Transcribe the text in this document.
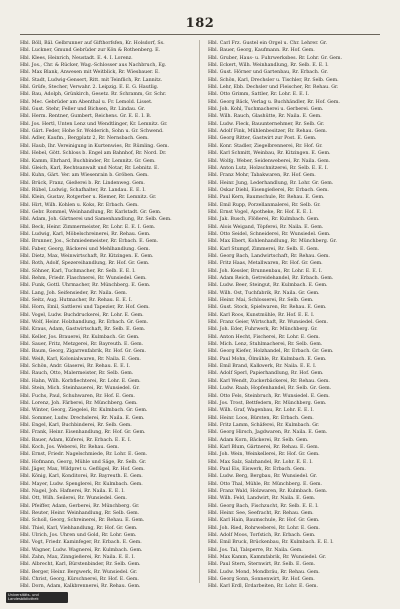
182
Hbl. Böll, Bäl. Gelbrunner auf Gifthorfsfen, Kr. Holsdorf, Ss.
Hbl. Luckner, Gmund Gebrüder zur Kön & Rothenberg. E.
Hbl. Klees, Heinrich, Neustadt. E. 4. I. Lorenz.
Hbl. Jos., Chr. & Rücker, Wag.-Schlosser aus Nachbruch, Eg.
Hbl. Max Blank, Anwesen mit Weitblick, Rr. Wiesbauer. E.
Hbl. Stadt, Ludwig-Gensert, Ritt. mit Teinflich, Rr. Lannitz.
Hbl. Grüfe, Stecher, Verwahr. 2. Leipzig. E. E. G. Hautlig.
Hbl. Bau, Adolph, Grünkirch, Gesetz. Rr. Schramm, Gr. Schr.
Hbl. Mec. Gebrüder am Abenthal u. Fr. Lemold. Lisset.
Hbl. Gust. Stehr, Feller und Bichsen, Rr. Lindau. Gr.
Hbl. Herm. Rentner, Gumbert, Reichens. Gr. E. E. I. B.
Hbl. Jos. Hertl, Unten Lenz und Wendtlinger, Kr. Lemnitz. Gr.
Hbl. Gärt. Feder, Hohe Sr. Wolderich, Sohn u. Gr. Schwend.
Hbl. Adler, Kaufm., Bergplatz 2, Rr. Nernsbach. Gem.
Hbl. Haub, Ihr. Vereinigung in Kurtenwies, Rr. Rümling. Gem.
Hbl. Hebel, Gött. Schloss b. Engel am Bahnhof, Rr. Nord. Dr.
Hbl. Kamm, Ehrhard, Buchbinder, Rr. Lemnitz. Gr. Gem.
Hbl. Gleich, Karl, Rechtsanwalt und Notar, Rr. Lebnitz. E.
Hbl. Kuhn, Gärt. Ver. am Wiesenrain b. Gröben. Gem.
Hbl. Brück, Franz, Gießerei b. Rr. Lindenweg. Gem.
Hbl. Rübel, Ludwig, Schafhalter, Rr. Landau. E. E. I.
Hbl. Klein, Gustav, Rotgerber u. Riemer, Rr. Lemnitz. Gr.
Hbl. Hirt, Wilh. Kohlen u. Koks, Rr. Erbach. Gem.
Hbl. Gebr. Rommel, Weinhandlung, Rr. Karlstadt. Gr. Gem.
Hbl. Adam, Joh. Gärtnerei und Samenhandlung, Rr. Selb. Gem.
Hbl. Beck, Heinr. Zimmermeister, Rr. Lohr. E. E. I. Gem.
Hbl. Ludwig, Karl, Möbelschreinerei, Rr. Rehau. Gem.
Hbl. Brunner, Jos., Schmiedemeister, Rr. Erbach. E. Gem.
Hbl. Faber, Georg, Bäckerei und Mehlhandlung. Gem.
Hbl. Dietz, Max, Weinwirtschaft, Rr. Kitzingen. E. Gem.
Hbl. Roth, Adolf, Spezereihandlung, Rr. Hof. Gr. Gem.
Hbl. Söhner, Karl, Tuchmacher, Rr. Selb. E. E. I.
Hbl. Rehm, Friedr. Flaschnerei, Rr. Wunsiedel. Gem.
Hbl. Funk, Gottl. Uhrmacher, Rr. Münchberg. E. Gem.
Hbl. Lang, Joh. Seifensieder, Rr. Naila. Gem.
Hbl. Seitz, Aug. Hutmacher, Rr. Rehau. E. E. I.
Hbl. Horn, Emil, Sattlerei und Tapezier, Rr. Hof. Gem.
Hbl. Vogel, Ludw. Buchdruckerei, Rr. Lohr. E. Gem.
Hbl. Wolf, Heinr. Holzhandlung, Rr. Erbach. Gr. Gem.
Hbl. Kraus, Adam, Gastwirtschaft, Rr. Selb. E. Gem.
Hbl. Keller, Jos. Brauerei, Rr. Kulmbach. Gr. Gem.
Hbl. Sauer, Fritz, Metzgerei, Rr. Bayreuth. E. Gem.
Hbl. Baum, Georg, Zigarrenfabrik, Rr. Hof. Gr. Gem.
Hbl. Weiß, Karl, Kolonialwaren, Rr. Naila. E. Gem.
Hbl. Schön, Andr. Glaserei, Rr. Rehau. E. E. I.
Hbl. Rauch, Otto, Malermeister, Rr. Selb. Gem.
Hbl. Hahn, Wilh. Korbflechterei, Rr. Lohr. E. Gem.
Hbl. Stein, Mich. Steinhauerei, Rr. Wunsiedel. Gr.
Hbl. Fuchs, Paul, Schuhwaren, Rr. Hof. E. Gem.
Hbl. Lorenz, Joh. Färberei, Rr. Münchberg. Gem.
Hbl. Winter, Georg, Ziegelei, Rr. Kulmbach. Gr. Gem.
Hbl. Sommer, Ludw. Drechslerei, Rr. Naila. E. Gem.
Hbl. Engel, Karl, Buchbinderei, Rr. Selb. Gem.
Hbl. Frank, Heinr. Eisenhandlung, Rr. Hof. Gr. Gem.
Hbl. Bauer, Adam, Küferei, Rr. Erbach. E. E. I.
Hbl. Koch, Jos. Weberei, Rr. Rehau. Gem.
Hbl. Ernst, Friedr. Nagelschmiede, Rr. Lohr. E. Gem.
Hbl. Hofmann, Georg, Mühle und Säge, Rr. Selb. Gr.
Hbl. Jäger, Max, Wildpret u. Geflügel, Rr. Hof. Gem.
Hbl. König, Karl, Konditorei, Rr. Bayreuth. E. Gem.
Hbl. Mayer, Ludw. Spenglerei, Rr. Kulmbach. Gem.
Hbl. Nagel, Joh. Hafnerei, Rr. Naila. E. E. I.
Hbl. Ott, Wilh. Seilerei, Rr. Wunsiedel. Gem.
Hbl. Pfeiffer, Adam, Gerberei, Rr. Münchberg. Gr.
Hbl. Reuter, Heinr. Weinhandlung, Rr. Selb. Gem.
Hbl. Scholl, Georg, Schreinerei, Rr. Rehau. E. Gem.
Hbl. Thiel, Karl, Viehhandlung, Rr. Hof. Gr. Gem.
Hbl. Ulrich, Jos. Uhren und Gold, Rr. Lohr. Gem.
Hbl. Vogt, Friedr. Kaminfeger, Rr. Erbach. E. Gem.
Hbl. Wagner, Ludw. Wagnerei, Rr. Kulmbach. Gem.
Hbl. Zahn, Max, Zinngießerei, Rr. Naila. E. E. I.
Hbl. Albrecht, Karl, Bürstenbinder, Rr. Selb. Gem.
Hbl. Berger, Heinr. Bergwerk, Rr. Wunsiedel. Gr.
Hbl. Christ, Georg, Kürschnerei, Rr. Hof. E. Gem.
Hbl. Dorn, Adam, Kalkbrennerei, Rr. Rehau. Gem.
Hbl. Carl Frz. Gustel ein Orgel u. Chr. Lehrer. Gr.
Hbl. Bauer, Georg, Kaufmann. Rr. Hof. Gem.
Hbl. Gruber, Haus- u. Fuhrwerksbes. Rr. Lohr. Gr. Gem.
Hbl. Eckert, Wilh. Weinhandlung, Rr. Selb. E. E. I.
Hbl. Gust. Hörner und Gartenbau, Rr. Erbach. Gr.
Hbl. Schön, Karl, Drechsler u. Tischler, Rr. Selb. Gem.
Hbl. Lehr, Ebb. Dechsler und Fleischer, Rr. Rehau. Gr.
Hbl. Otto Grimm, Sattler, Rr. Lohr. E. E. I.
Hbl. Georg Bäck, Verlag u. Buchhändler, Rr. Hof. Gem.
Hbl. Joh. Kohl, Tuchmacherei u. Gerberei. Gem.
Hbl. Wilh. Rauch, Glashütte, Rr. Naila. E. Gem.
Hbl. Ludw. Fleck, Bauunternehmer, Rr. Selb. Gr.
Hbl. Adolf Fink, Mühlenbesitzer, Rr. Rehau. Gem.
Hbl. Georg Ritter, Gastwirt zur Post. E. Gem.
Hbl. Konr. Stadler, Ziegelbrennerei, Rr. Hof. Gr.
Hbl. Karl Schmitt, Weinbau, Rr. Kitzingen. E. Gem.
Hbl. Wolfg. Weber, Seidenweberei, Rr. Naila. Gem.
Hbl. Anton Lutz, Holzschnitzerei, Rr. Selb. E. E. I.
Hbl. Franz Mohr, Tabakwaren, Rr. Hof. Gem.
Hbl. Heinr. Jung, Lederhandlung, Rr. Lohr. Gr. Gem.
Hbl. Oskar Diehl, Eisengießerei, Rr. Erbach. Gem.
Hbl. Paul Kern, Baumschule, Rr. Rehau. E. Gem.
Hbl. Emil Rupp, Porzellanmalerei, Rr. Selb. Gr.
Hbl. Ernst Vogel, Apotheke, Rr. Hof. E. E. I.
Hbl. Jak. Busch, Flößerei, Rr. Kulmbach. Gem.
Hbl. Alois Weigand, Töpferei, Rr. Naila. E. Gem.
Hbl. Otto Seidel, Schneiderei, Rr. Wunsiedel. Gem.
Hbl. Max Ebert, Kohlenhandlung, Rr. Münchberg. Gr.
Hbl. Karl Stumpf, Zimmerei, Rr. Selb. E. Gem.
Hbl. Georg Bach, Landwirtschaft, Rr. Rehau. Gem.
Hbl. Fritz Haas, Metallwaren, Rr. Hof. Gr. Gem.
Hbl. Joh. Kessler, Brunnenbau, Rr. Lohr. E. E. I.
Hbl. Adam Reich, Getreidehandel, Rr. Erbach. Gem.
Hbl. Ludw. Beer, Steingut, Rr. Kulmbach. E. Gem.
Hbl. Wilh. Ost, Tuchfabrik, Rr. Naila. Gr. Gem.
Hbl. Heinr. Mai, Schlosserei, Rr. Selb. Gem.
Hbl. Gust. Stock, Spielwaren, Rr. Rehau. E. Gem.
Hbl. Karl Roos, Kunstmühle, Rr. Hof. E. E. I.
Hbl. Franz Geier, Wirtschaft, Rr. Wunsiedel. Gem.
Hbl. Joh. Eder, Fuhrwerk, Rr. Münchberg. Gr.
Hbl. Anton Hecht, Fischerei, Rr. Lohr. E. Gem.
Hbl. Mich. Lenz, Stuhlmacherei, Rr. Selb. Gem.
Hbl. Georg Kiefer, Holzhandel, Rr. Erbach. Gr. Gem.
Hbl. Paul Mohn, Ölmühle, Rr. Kulmbach. E. Gem.
Hbl. Emil Brand, Kalkwerk, Rr. Naila. E. E. I.
Hbl. Adolf Sperl, Papierhandlung, Rr. Hof. Gem.
Hbl. Karl Wendt, Zuckerbäckerei, Rr. Rehau. Gem.
Hbl. Ludw. Raab, Hopfenhandel, Rr. Selb. Gr. Gem.
Hbl. Otto Fels, Steinbruch, Rr. Wunsiedel. E. Gem.
Hbl. Jos. Trost, Bettfedern, Rr. Münchberg. Gem.
Hbl. Wilh. Graf, Wagenbau, Rr. Lohr. E. E. I.
Hbl. Heinr. Loos, Bürsten, Rr. Erbach. Gem.
Hbl. Fritz Lamm, Schäferei, Rr. Kulmbach. Gr.
Hbl. Georg Hirsch, Jagdwaren, Rr. Naila. E. Gem.
Hbl. Adam Korn, Bäckerei, Rr. Selb. Gem.
Hbl. Karl Blum, Gärtnerei, Rr. Rehau. E. Gem.
Hbl. Joh. Wein, Weinkellerei, Rr. Hof. Gr. Gem.
Hbl. Max Salz, Salzhandel, Rr. Lohr. E. E. I.
Hbl. Paul Eis, Eiswerk, Rr. Erbach. Gem.
Hbl. Ludw. Berg, Bergbau, Rr. Wunsiedel. Gr.
Hbl. Otto Thal, Mühle, Rr. Münchberg. E. Gem.
Hbl. Franz Wald, Holzwaren, Rr. Kulmbach. Gem.
Hbl. Wilh. Feld, Landwirt, Rr. Naila. E. Gem.
Hbl. Georg Bach, Fischzucht, Rr. Selb. E. E. I.
Hbl. Heinr. See, Seefracht, Rr. Rehau. Gem.
Hbl. Karl Hain, Baumschule, Rr. Hof. Gr. Gem.
Hbl. Joh. Ried, Rohrweberei, Rr. Lohr. E. Gem.
Hbl. Adolf Moos, Torfstich, Rr. Erbach. Gem.
Hbl. Emil Bruck, Brückenbau, Rr. Kulmbach. E. E. I.
Hbl. Jos. Tal, Talsperre, Rr. Naila. Gem.
Hbl. Max Kamm, Kammfabrik, Rr. Wunsiedel. Gr.
Hbl. Paul Stern, Sternwirt, Rr. Selb. E. Gem.
Hbl. Ludw. Mond, Mondbräu, Rr. Rehau. Gem.
Hbl. Georg Sonn, Sonnenwirt, Rr. Hof. Gem.
Hbl. Karl Erdl, Erdarbeiten, Rr. Lohr. E. Gem.
Universitäts- und
Landesbibliothek
